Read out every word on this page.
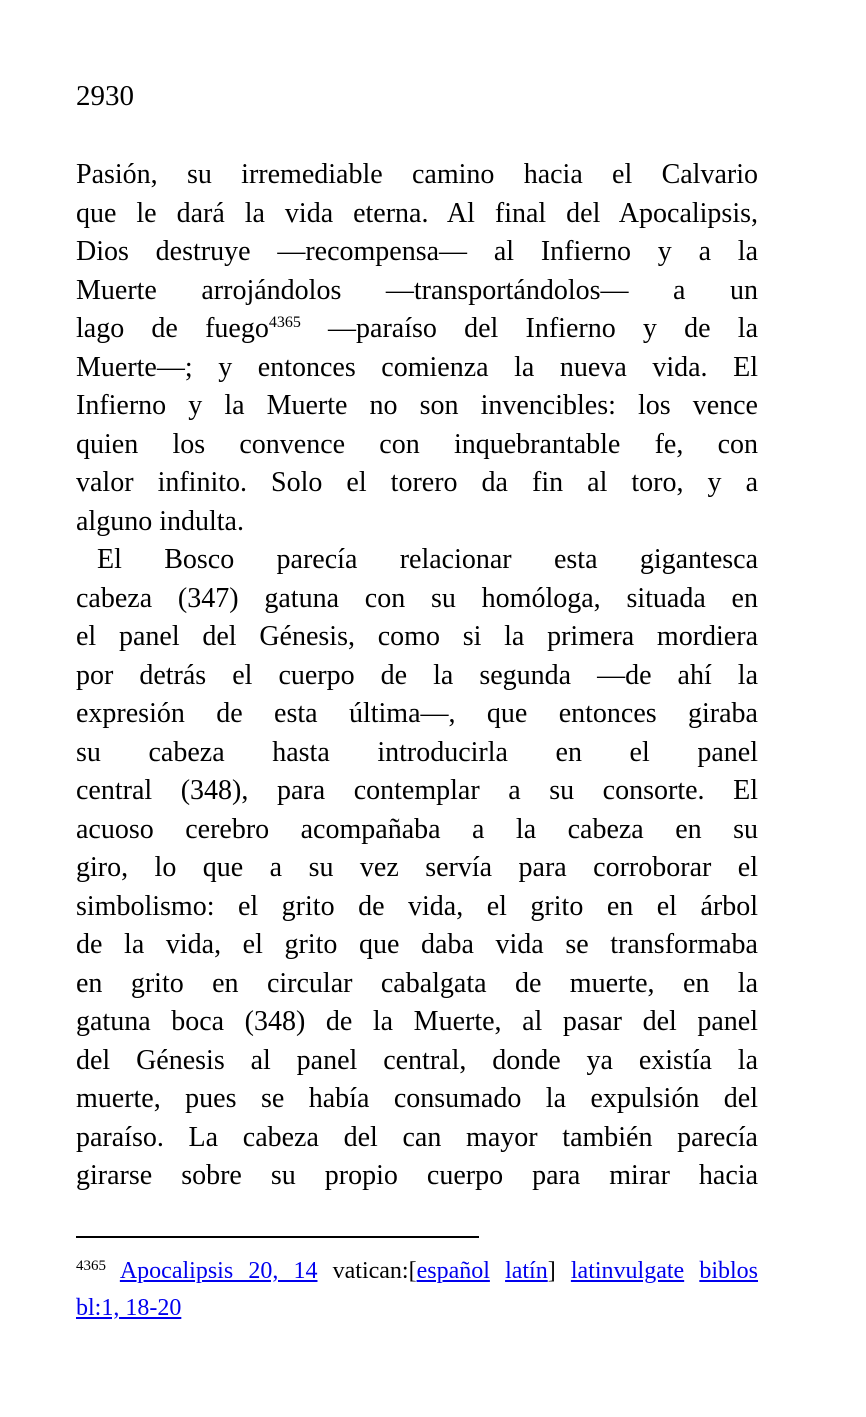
2930
Pasión, su irremediable camino hacia el Calvario
que le dará la vida eterna. Al final del Apocalipsis,
Dios destruye —recompensa— al Infierno y a la
Muerte arrojándolos —transportándolos— a un
lago de fuego$^{4365}$ —paraíso del Infierno y de la
Muerte—; y entonces comienza la nueva vida. El
Infierno y la Muerte no son invencibles: los vence
quien los convence con inquebrantable fe, con
valor infinito. Solo el torero da fin al toro, y a
alguno indulta.
El Bosco parecía relacionar esta gigantesca
cabeza (347) gatuna con su homóloga, situada en
el panel del Génesis, como si la primera mordiera
por detrás el cuerpo de la segunda —de ahí la
expresión de esta última—, que entonces giraba
su cabeza hasta introducirla en el panel
central (348), para contemplar a su consorte. El
acuoso cerebro acompañaba a la cabeza en su
giro, lo que a su vez servía para corroborar el
simbolismo: el grito de vida, el grito en el árbol
de la vida, el grito que daba vida se transformaba
en grito en circular cabalgata de muerte, en la
gatuna boca (348) de la Muerte, al pasar del panel
del Génesis al panel central, donde ya existía la
muerte, pues se había consumado la expulsión del
paraíso. La cabeza del can mayor también parecía
girarse sobre su propio cuerpo para mirar hacia
$^{4365}$ Apocalipsis 20, 14 vatican:[español latín] latinvulgate biblos
bl:1, 18-20
